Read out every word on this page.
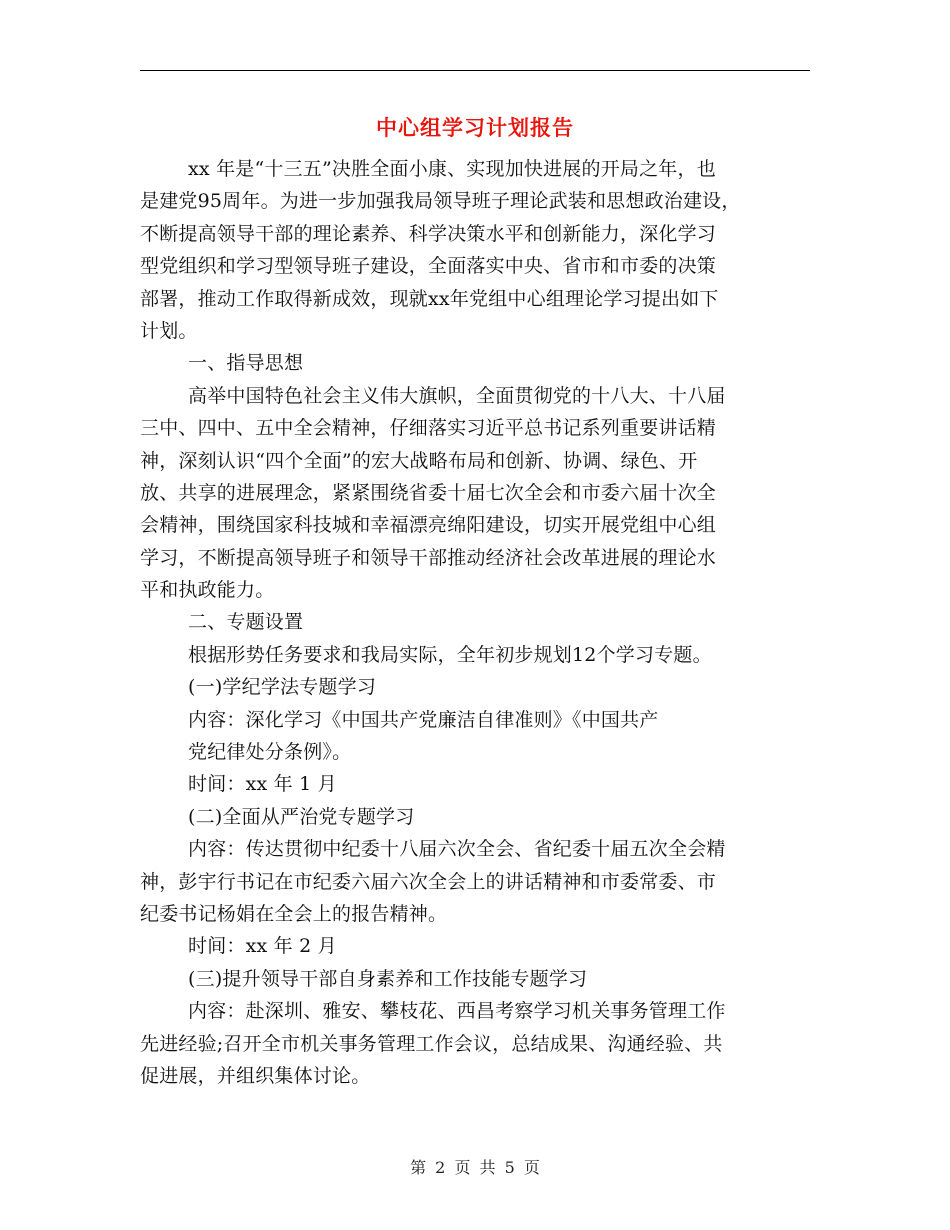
中心组学习计划报告
xx 年是“十三五”决胜全面小康、实现加快进展的开局之年，也
是建党95周年。为进一步加强我局领导班子理论武装和思想政治建设，
不断提高领导干部的理论素养、科学决策水平和创新能力，深化学习
型党组织和学习型领导班子建设，全面落实中央、省市和市委的决策
部署，推动工作取得新成效，现就xx年党组中心组理论学习提出如下
计划。
一、指导思想
高举中国特色社会主义伟大旗帜，全面贯彻党的十八大、十八届
三中、四中、五中全会精神，仔细落实习近平总书记系列重要讲话精
神，深刻认识“四个全面”的宏大战略布局和创新、协调、绿色、开
放、共享的进展理念，紧紧围绕省委十届七次全会和市委六届十次全
会精神，围绕国家科技城和幸福漂亮绵阳建设，切实开展党组中心组
学习，不断提高领导班子和领导干部推动经济社会改革进展的理论水
平和执政能力。
二、专题设置
根据形势任务要求和我局实际，全年初步规划12个学习专题。
(一)学纪学法专题学习
内容：深化学习《中国共产党廉洁自律准则》《中国共产
党纪律处分条例》。
时间：xx 年 1 月
(二)全面从严治党专题学习
内容：传达贯彻中纪委十八届六次全会、省纪委十届五次全会精
神，彭宇行书记在市纪委六届六次全会上的讲话精神和市委常委、市
纪委书记杨娟在全会上的报告精神。
时间：xx 年 2 月
(三)提升领导干部自身素养和工作技能专题学习
内容：赴深圳、雅安、攀枝花、西昌考察学习机关事务管理工作
先进经验;召开全市机关事务管理工作会议，总结成果、沟通经验、共
促进展，并组织集体讨论。
第 2 页 共 5 页
